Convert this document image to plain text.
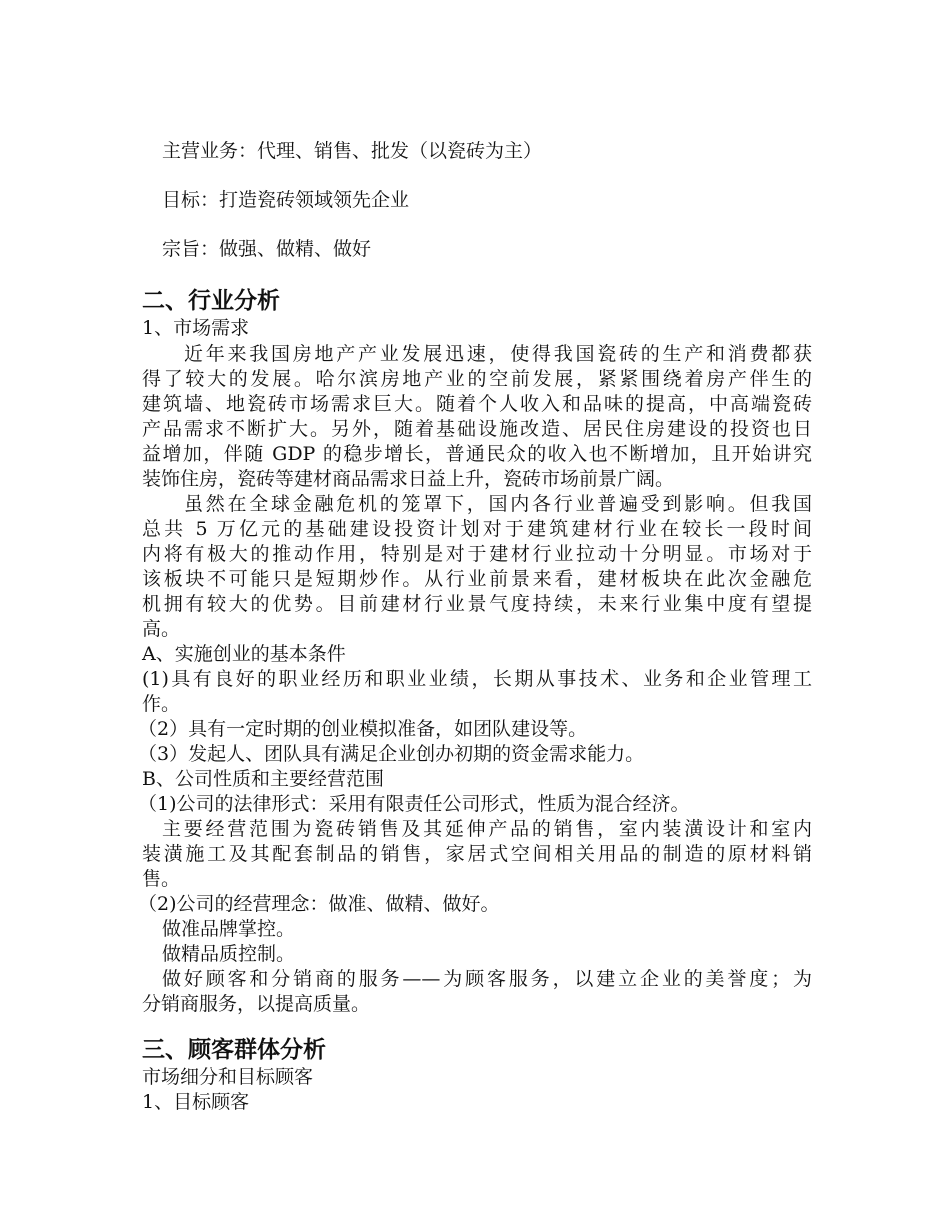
主营业务：代理、销售、批发（以瓷砖为主）
目标：打造瓷砖领域领先企业
宗旨：做强、做精、做好
二、行业分析
1、市场需求
近年来我国房地产产业发展迅速，使得我国瓷砖的生产和消费都获
得了较大的发展。哈尔滨房地产业的空前发展，紧紧围绕着房产伴生的
建筑墙、地瓷砖市场需求巨大。随着个人收入和品味的提高，中高端瓷砖
产品需求不断扩大。另外，随着基础设施改造、居民住房建设的投资也日
益增加，伴随 GDP 的稳步增长，普通民众的收入也不断增加，且开始讲究
装饰住房，瓷砖等建材商品需求日益上升，瓷砖市场前景广阔。
虽然在全球金融危机的笼罩下，国内各行业普遍受到影响。但我国
总共 5 万亿元的基础建设投资计划对于建筑建材行业在较长一段时间
内将有极大的推动作用，特别是对于建材行业拉动十分明显。市场对于
该板块不可能只是短期炒作。从行业前景来看，建材板块在此次金融危
机拥有较大的优势。目前建材行业景气度持续，未来行业集中度有望提
高。
A、实施创业的基本条件
(1)具有良好的职业经历和职业业绩，长期从事技术、业务和企业管理工
作。
（2）具有一定时期的创业模拟准备，如团队建设等。
（3）发起人、团队具有满足企业创办初期的资金需求能力。
B、公司性质和主要经营范围
（1)公司的法律形式：采用有限责任公司形式，性质为混合经济。
主要经营范围为瓷砖销售及其延伸产品的销售，室内装潢设计和室内
装潢施工及其配套制品的销售，家居式空间相关用品的制造的原材料销
售。
（2)公司的经营理念：做准、做精、做好。
做准品牌掌控。
做精品质控制。
做好顾客和分销商的服务——为顾客服务，以建立企业的美誉度；为
分销商服务，以提高质量。
三、顾客群体分析
市场细分和目标顾客
1、目标顾客
